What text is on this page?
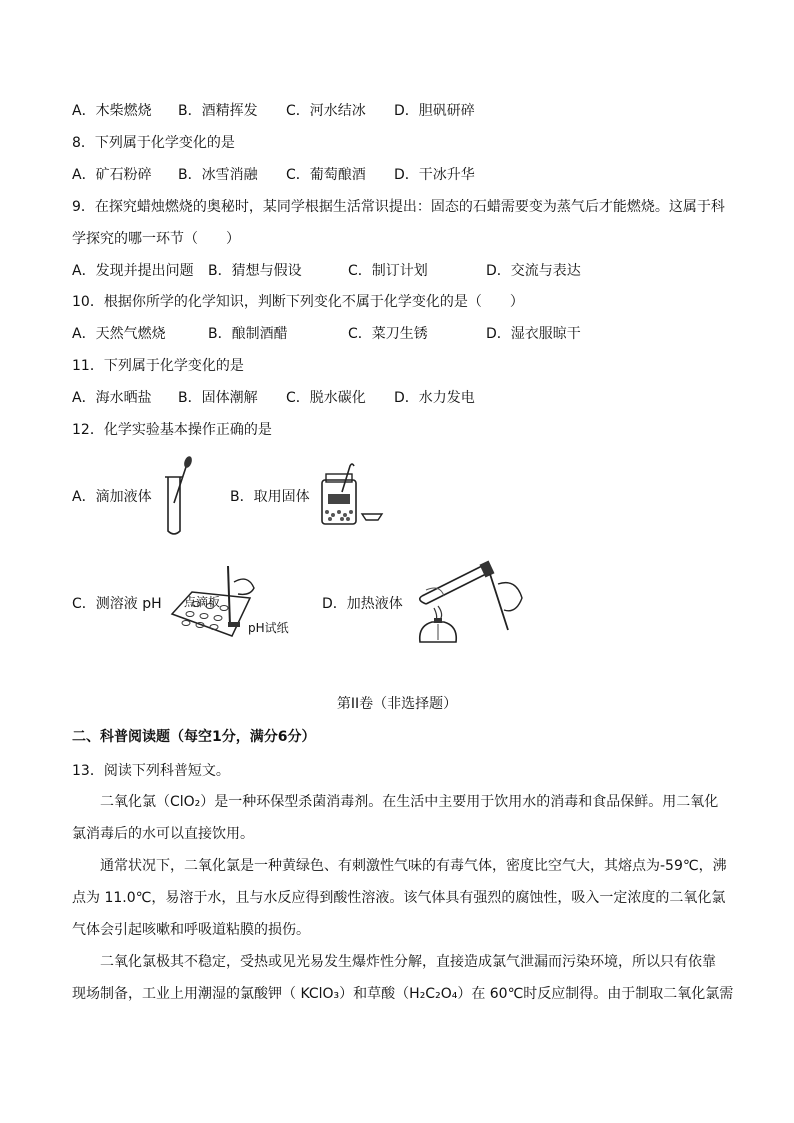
A．木柴燃烧 B．酒精挥发 C．河水结冰 D．胆矾研碎
8．下列属于化学变化的是
A．矿石粉碎 B．冰雪消融 C．葡萄酿酒 D．干冰升华
9．在探究蜡烛燃烧的奥秘时，某同学根据生活常识提出：固态的石蜡需要变为蒸气后才能燃烧。这属于科
学探究的哪一环节（　　）
A．发现并提出问题 B．猜想与假设	C．制订计划	D．交流与表达
10．根据你所学的化学知识，判断下列变化不属于化学变化的是（　　）
A．天然气燃烧	B．酿制酒醋	C．菜刀生锈	D．湿衣服晾干
11．下列属于化学变化的是
A．海水晒盐 B．固体潮解 C．脱水碳化 D．水力发电
12．化学实验基本操作正确的是
A．滴加液体	B．取用固体
C．测溶液 pH	D．加热液体
点滴板
pH试纸
第II卷（非选择题）
二、科普阅读题（每空1分，满分6分）
13．阅读下列科普短文。
二氧化氯（ClO₂）是一种环保型杀菌消毒剂。在生活中主要用于饮用水的消毒和食品保鲜。用二氧化
氯消毒后的水可以直接饮用。
通常状况下，二氧化氯是一种黄绿色、有刺激性气味的有毒气体，密度比空气大，其熔点为-59℃，沸
点为 11.0℃，易溶于水，且与水反应得到酸性溶液。该气体具有强烈的腐蚀性，吸入一定浓度的二氧化氯
气体会引起咳嗽和呼吸道粘膜的损伤。
二氧化氯极其不稳定，受热或见光易发生爆炸性分解，直接造成氯气泄漏而污染环境，所以只有依靠
现场制备，工业上用潮湿的氯酸钾（ KClO₃）和草酸（H₂C₂O₄）在 60℃时反应制得。由于制取二氧化氯需
